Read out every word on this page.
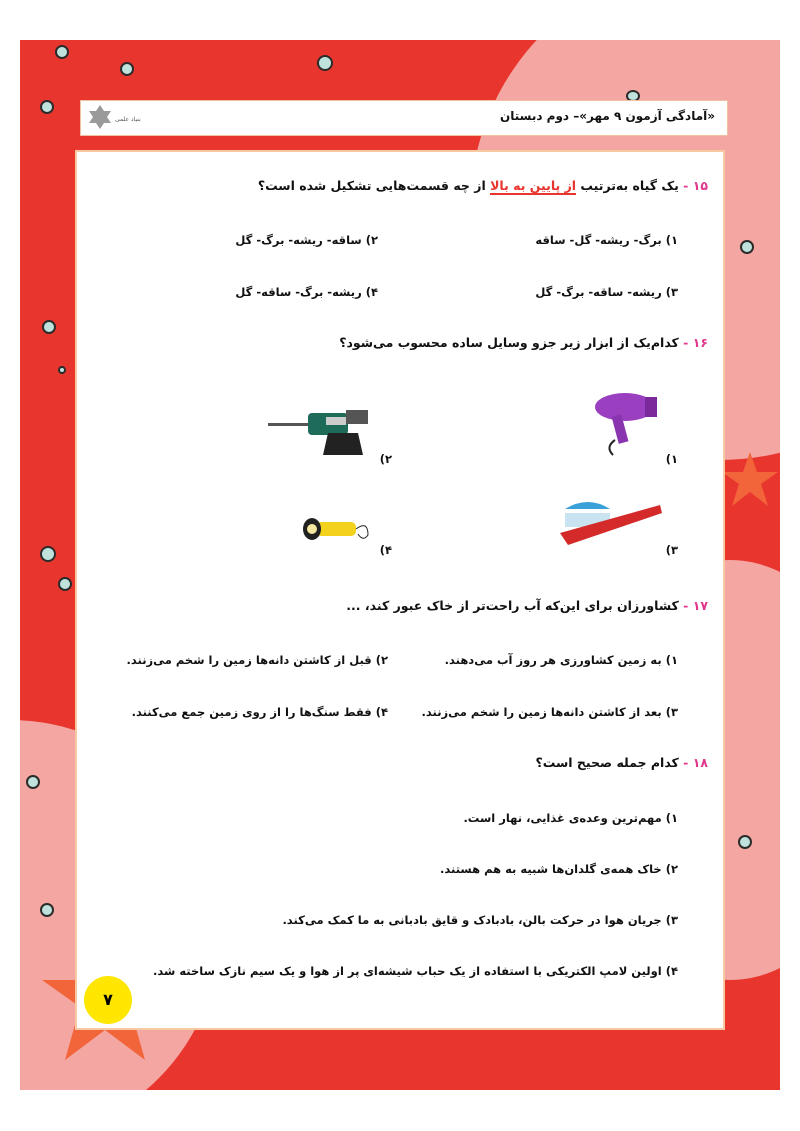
بنیاد علمی	«آمادگی آزمون ۹ مهر»– دوم دبستان
۱۵ - یک گیاه به‌ترتیب از پایین به بالا از چه قسمت‌هایی تشکیل شده است؟
۱) برگ- ریشه- گل- ساقه
۲) ساقه- ریشه- برگ- گل
۳) ریشه- ساقه- برگ- گل
۴) ریشه- برگ- ساقه- گل
۱۶ - کدام‌یک از ابزار زیر جزو وسایل ساده محسوب می‌شود؟
۱)
۲)
۳)
۴)
۱۷ - کشاورزان برای این‌که آب راحت‌تر از خاک عبور کند، ...
۱) به زمین کشاورزی هر روز آب می‌دهند.
۲) قبل از کاشتن دانه‌ها زمین را شخم می‌زنند.
۳) بعد از کاشتن دانه‌ها زمین را شخم می‌زنند.
۴) فقط سنگ‌ها را از روی زمین جمع می‌کنند.
۱۸ - کدام جمله صحیح است؟
۱) مهم‌ترین وعده‌ی غذایی، نهار است.
۲) خاک همه‌ی گلدان‌ها شبیه به هم هستند.
۳) جریان هوا در حرکت بالن، بادبادک و قایق بادبانی به ما کمک می‌کند.
۴) اولین لامپ الکتریکی با استفاده از یک حباب شیشه‌ای پر از هوا و یک سیم نازک ساخته شد.
۷
